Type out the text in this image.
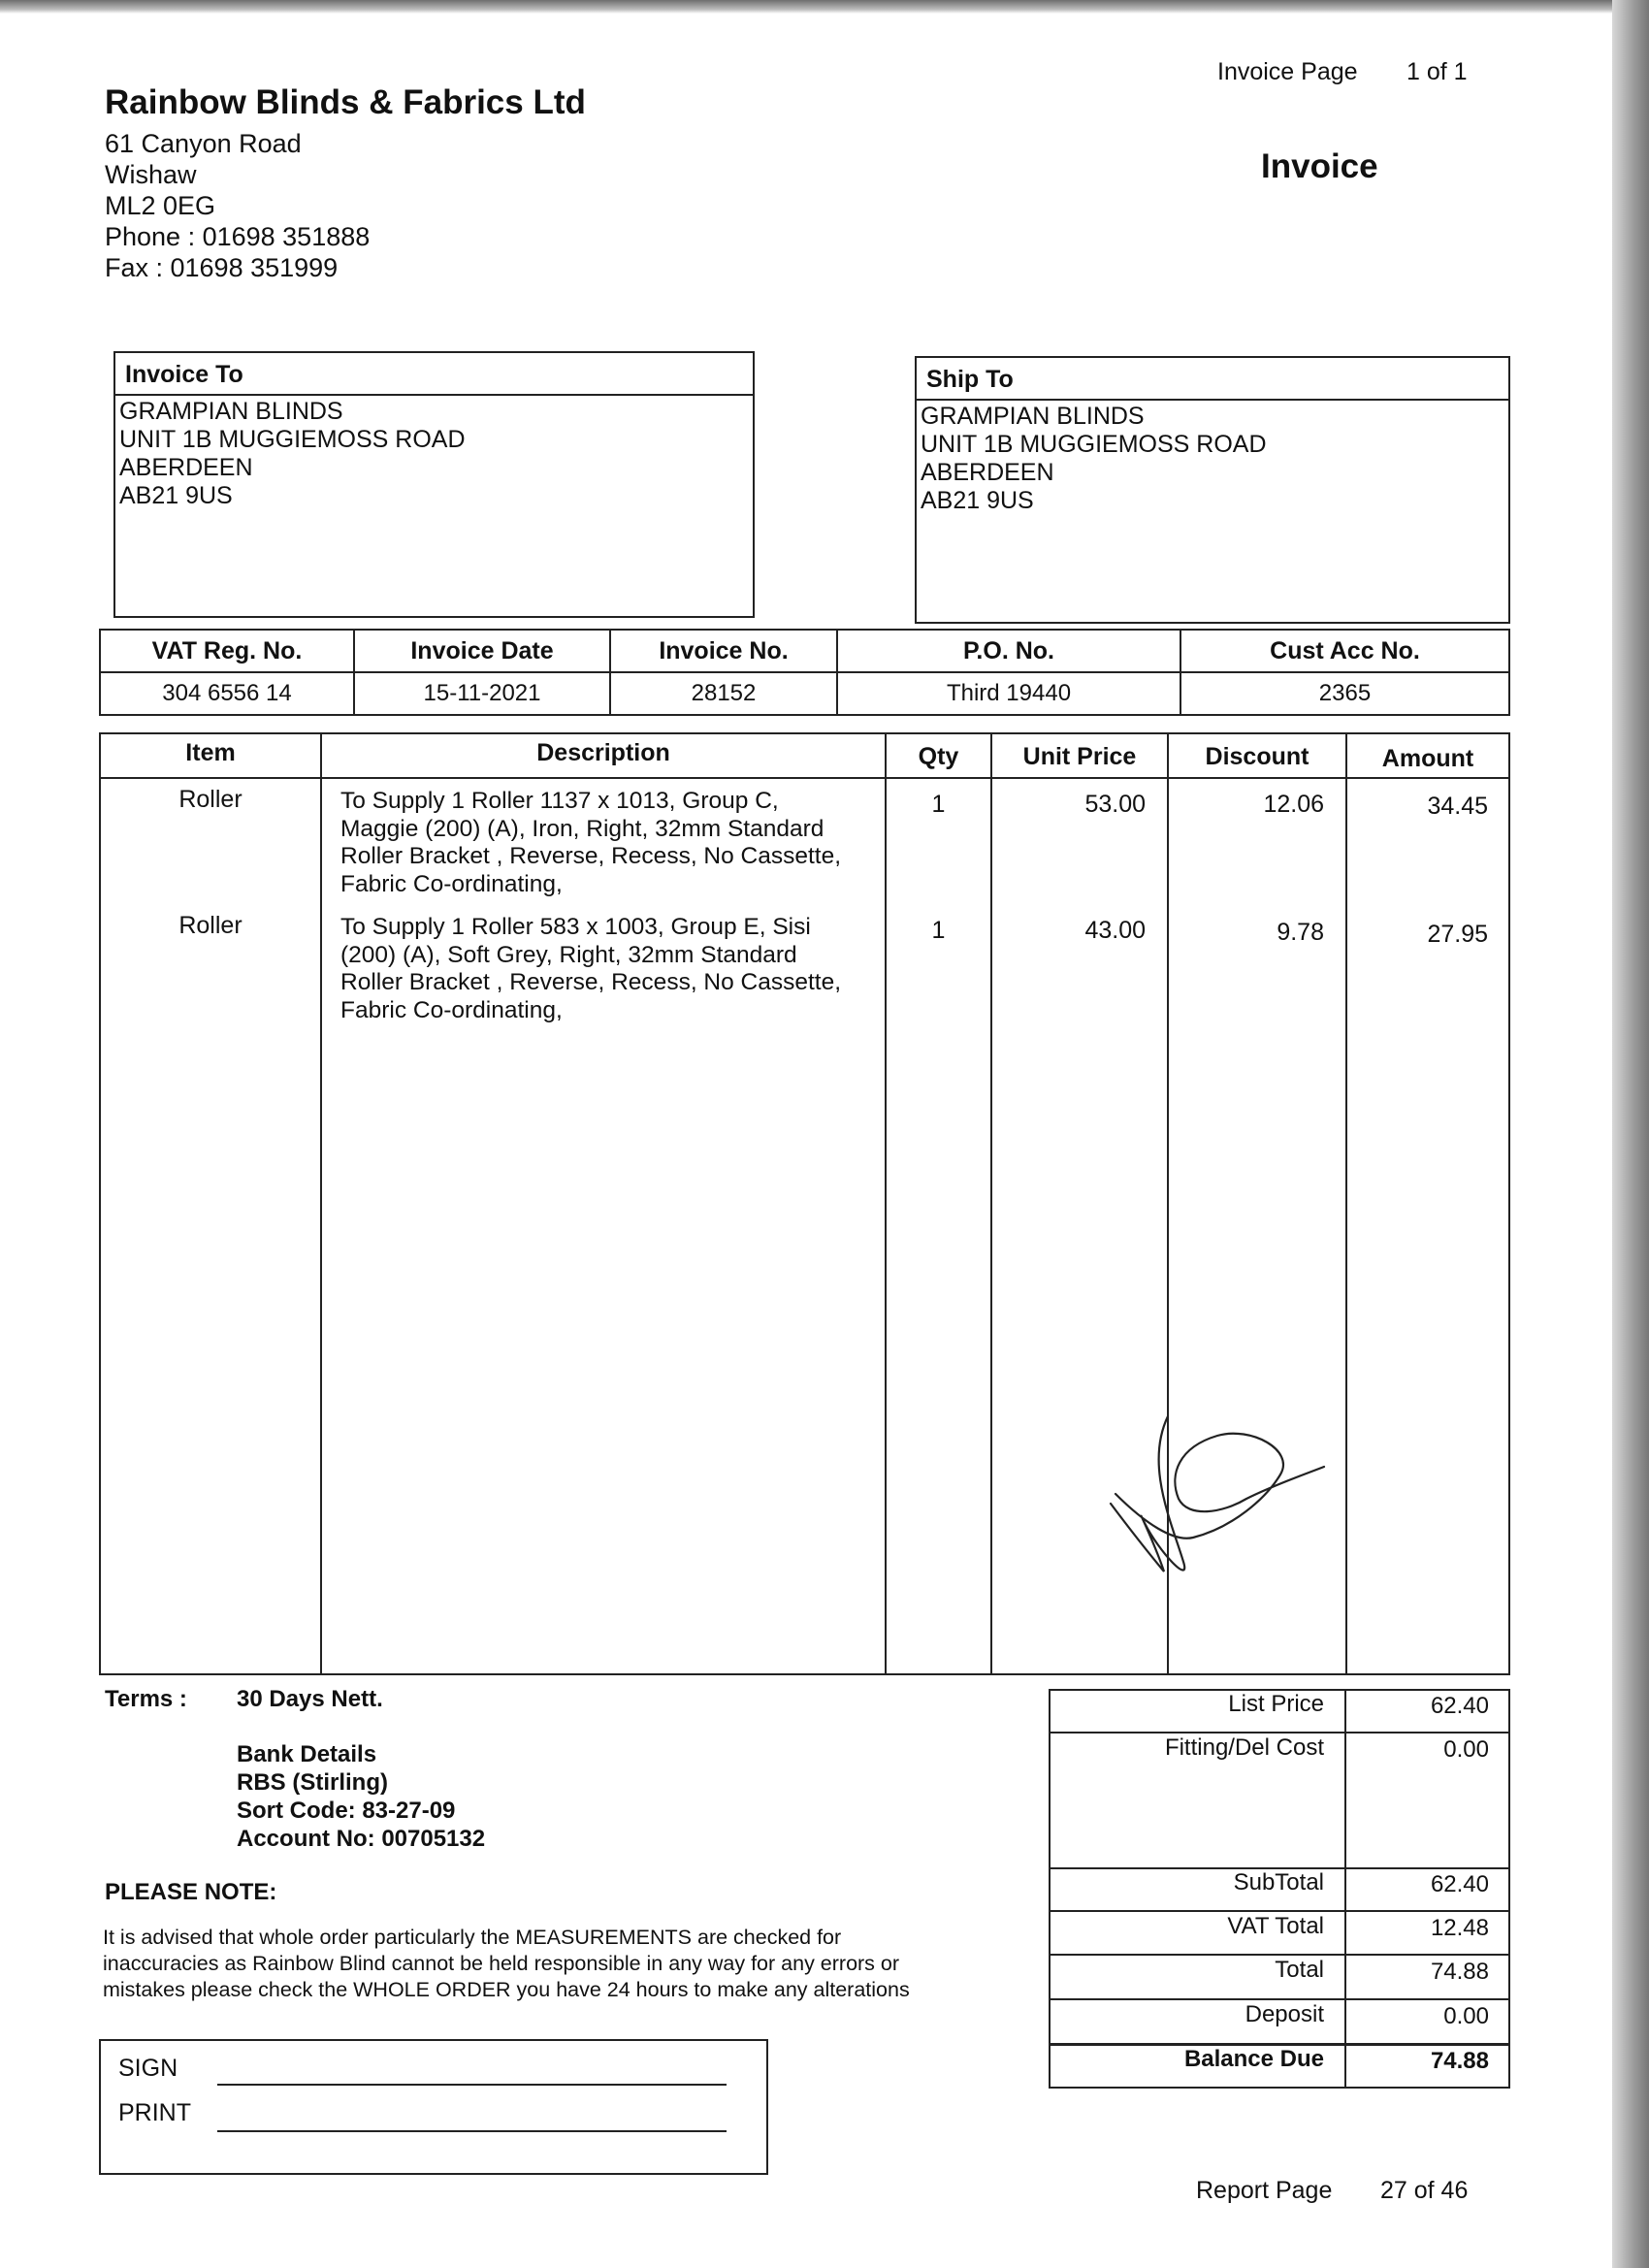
Invoice Page 1 of 1
Invoice
Rainbow Blinds & Fabrics Ltd
61 Canyon Road
Wishaw
ML2 0EG
Phone : 01698 351888
Fax : 01698 351999
Invoice To
GRAMPIAN BLINDS
UNIT 1B MUGGIEMOSS ROAD
ABERDEEN
AB21 9US
Ship To
GRAMPIAN BLINDS
UNIT 1B MUGGIEMOSS ROAD
ABERDEEN
AB21 9US
VAT Reg. No.	Invoice Date	Invoice No.	P.O. No.	Cust Acc No.
304 6556 14	15-11-2021	28152	Third 19440	2365
Item	Description	Qty	Unit Price	Discount	Amount
Roller	To Supply 1 Roller 1137 x 1013, Group C,
Maggie (200) (A), Iron, Right, 32mm Standard
Roller Bracket , Reverse, Recess, No Cassette,
Fabric Co-ordinating,
1	53.00	12.06	34.45
Roller	To Supply 1 Roller 583 x 1003, Group E, Sisi
(200) (A), Soft Grey, Right, 32mm Standard
Roller Bracket , Reverse, Recess, No Cassette,
Fabric Co-ordinating,
1	43.00	9.78	27.95
Terms : 30 Days Nett.
Bank Details
RBS (Stirling)
Sort Code: 83-27-09
Account No: 00705132
PLEASE NOTE:
It is advised that whole order particularly the MEASUREMENTS are checked for
inaccuracies as Rainbow Blind cannot be held responsible in any way for any errors or
mistakes please check the WHOLE ORDER you have 24 hours to make any alterations
SIGN
PRINT
List Price	62.40
Fitting/Del Cost	0.00
SubTotal	62.40
VAT Total	12.48
Total	74.88
Deposit	0.00
Balance Due	74.88
Report Page 27 of 46
